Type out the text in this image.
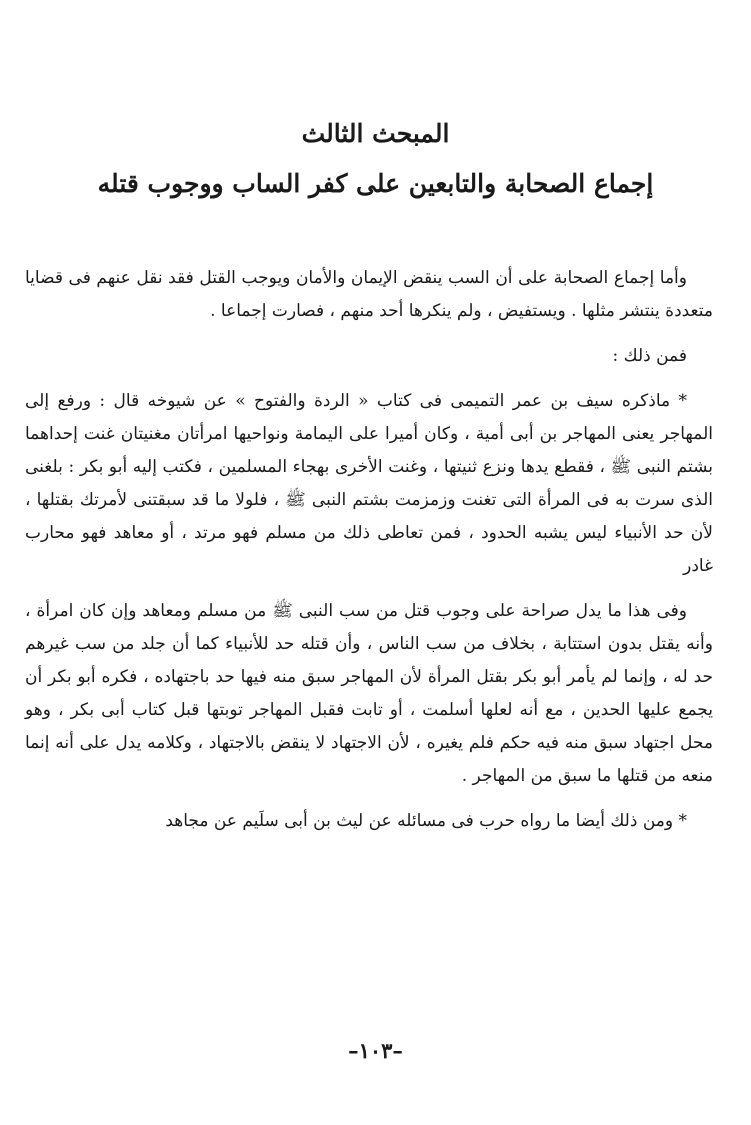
المبحث الثالث
إجماع الصحابة والتابعين على كفر الساب ووجوب قتله

وأما إجماع الصحابة على أن السب ينقض الإيمان والأمان ويوجب القتل فقد نقل عنهم فى قضايا متعددة ينتشر مثلها . ويستفيض ، ولم ينكرها أحد منهم ، فصارت إجماعا .

فمن ذلك :

* ماذكره سيف بن عمر التميمى فى كتاب « الردة والفتوح » عن شيوخه قال : ورفع إلى المهاجر يعنى المهاجر بن أبى أمية ، وكان أميرا على اليمامة ونواحيها امرأتان مغنيتان غنت إحداهما بشتم النبى ﷺ ، فقطع يدها ونزع ثنيتها ، وغنت الأخرى بهجاء المسلمين ، فكتب إليه أبو بكر : بلغنى الذى سرت به فى المرأة التى تغنت وزمزمت بشتم النبى ﷺ ، فلولا ما قد سبقتنى لأمرتك بقتلها ، لأن حد الأنبياء ليس يشبه الحدود ، فمن تعاطى ذلك من مسلم فهو مرتد ، أو معاهد فهو محارب غادر

وفى هذا ما يدل صراحة على وجوب قتل من سب النبى ﷺ من مسلم ومعاهد وإن كان امرأة ، وأنه يقتل بدون استتابة ، بخلاف من سب الناس ، وأن قتله حد للأنبياء كما أن جلد من سب غيرهم حد له ، وإنما لم يأمر أبو بكر بقتل المرأة لأن المهاجر سبق منه فيها حد باجتهاده ، فكره أبو بكر أن يجمع عليها الحدين ، مع أنه لعلها أسلمت ، أو تابت فقبل المهاجر توبتها قبل كتاب أبى بكر ، وهو محل اجتهاد سبق منه فيه حكم فلم يغيره ، لأن الاجتهاد لا ينقض بالاجتهاد ، وكلامه يدل على أنه إنما منعه من قتلها ما سبق من المهاجر .

* ومن ذلك أيضا ما رواه حرب فى مسائله عن ليث بن أبى سلَيم عن مجاهد

–١٠٣–
